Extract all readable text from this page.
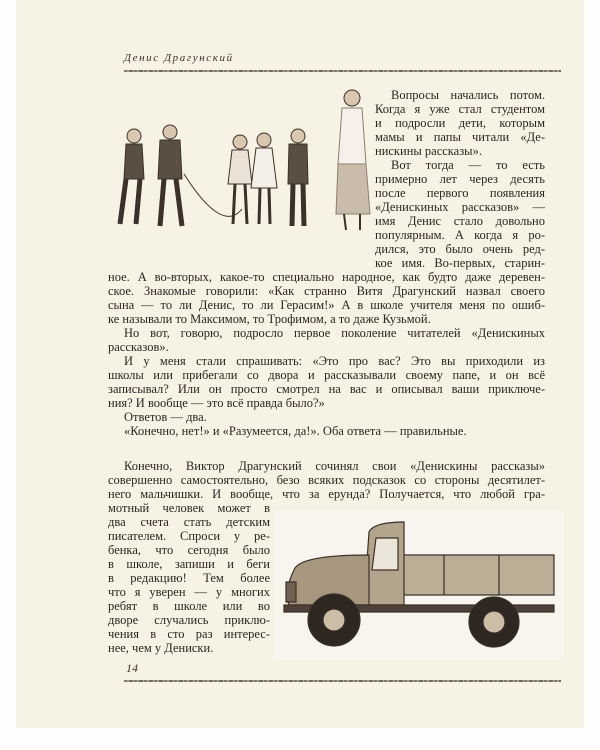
Денис Драгунский
Вопросы начались потом.
Когда я уже стал студентом
и подросли дети, которым
мамы и папы читали «Де-
нискины рассказы».
Вот тогда — то есть
примерно лет через десять
после первого появления
«Денискиных рассказов» —
имя Денис стало довольно
популярным. А когда я ро-
дился, это было очень ред-
кое имя. Во-первых, старин-
ное. А во-вторых, какое-то специально народное, как будто даже деревен-
ское. Знакомые говорили: «Как странно Витя Драгунский назвал своего
сына — то ли Денис, то ли Герасим!» А в школе учителя меня по ошиб-
ке называли то Максимом, то Трофимом, а то даже Кузьмой.
Но вот, говорю, подросло первое поколение читателей «Денискиных
рассказов».
И у меня стали спрашивать: «Это про вас? Это вы приходили из
школы или прибегали со двора и рассказывали своему папе, и он всё
записывал? Или он просто смотрел на вас и описывал ваши приключе-
ния? И вообще — это всё правда было?»
Ответов — два.
«Конечно, нет!» и «Разумеется, да!». Оба ответа — правильные.
Конечно, Виктор Драгунский сочинял свои «Денискины рассказы»
совершенно самостоятельно, безо всяких подсказок со стороны десятилет-
него мальчишки. И вообще, что за ерунда? Получается, что любой гра-
мотный человек может в
два счета стать детским
писателем. Спроси у ре-
бенка, что сегодня было
в школе, запиши и беги
в редакцию! Тем более
что я уверен — у многих
ребят в школе или во
дворе случались приклю-
чения в сто раз интерес-
нее, чем у Дениски.
14
